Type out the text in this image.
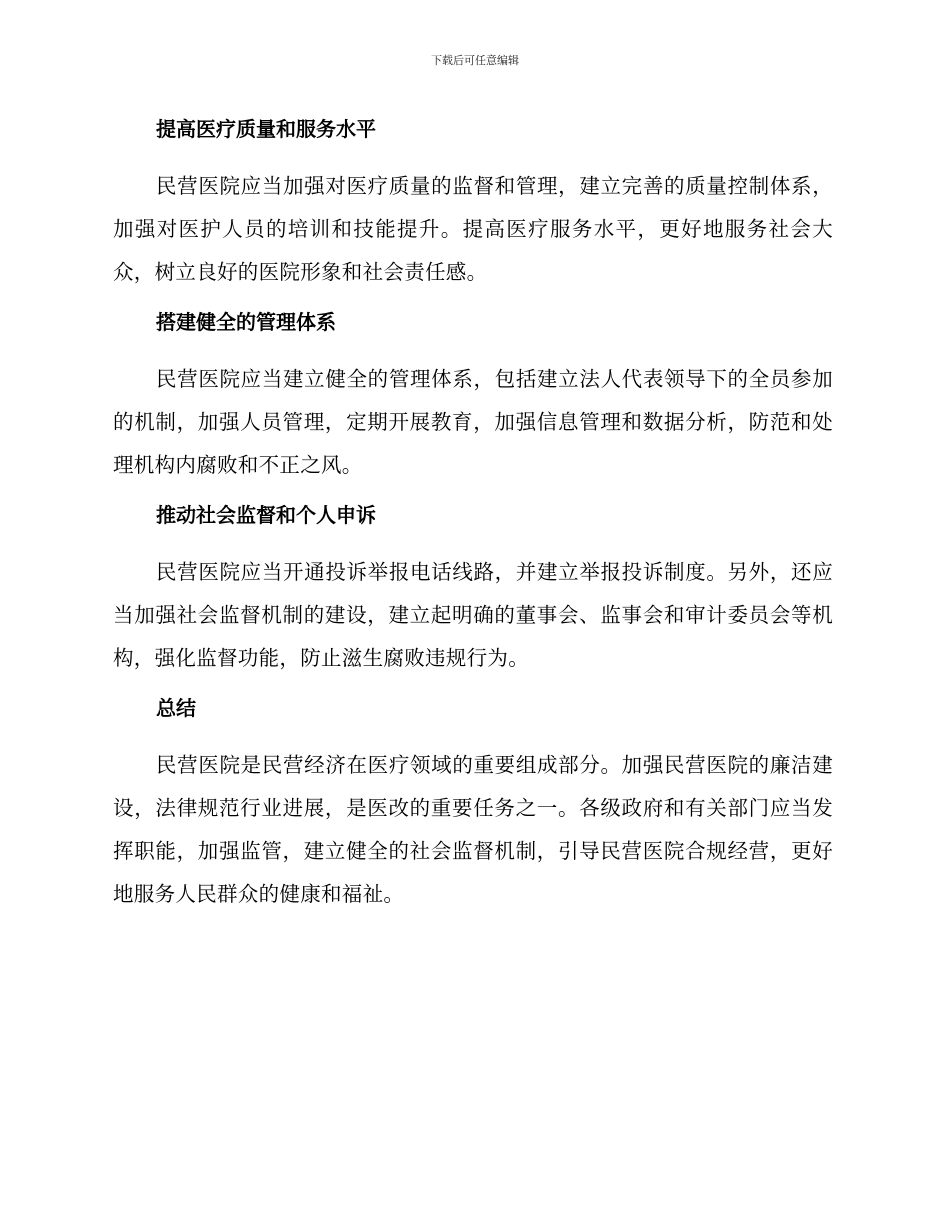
下载后可任意编辑
提高医疗质量和服务水平

民营医院应当加强对医疗质量的监督和管理，建立完善的质量控制体系，加强对医护人员的培训和技能提升。提高医疗服务水平，更好地服务社会大众，树立良好的医院形象和社会责任感。

搭建健全的管理体系

民营医院应当建立健全的管理体系，包括建立法人代表领导下的全员参加的机制，加强人员管理，定期开展教育，加强信息管理和数据分析，防范和处理机构内腐败和不正之风。

推动社会监督和个人申诉

民营医院应当开通投诉举报电话线路，并建立举报投诉制度。另外，还应当加强社会监督机制的建设，建立起明确的董事会、监事会和审计委员会等机构，强化监督功能，防止滋生腐败违规行为。

总结

民营医院是民营经济在医疗领域的重要组成部分。加强民营医院的廉洁建设，法律规范行业进展，是医改的重要任务之一。各级政府和有关部门应当发挥职能，加强监管，建立健全的社会监督机制，引导民营医院合规经营，更好地服务人民群众的健康和福祉。
